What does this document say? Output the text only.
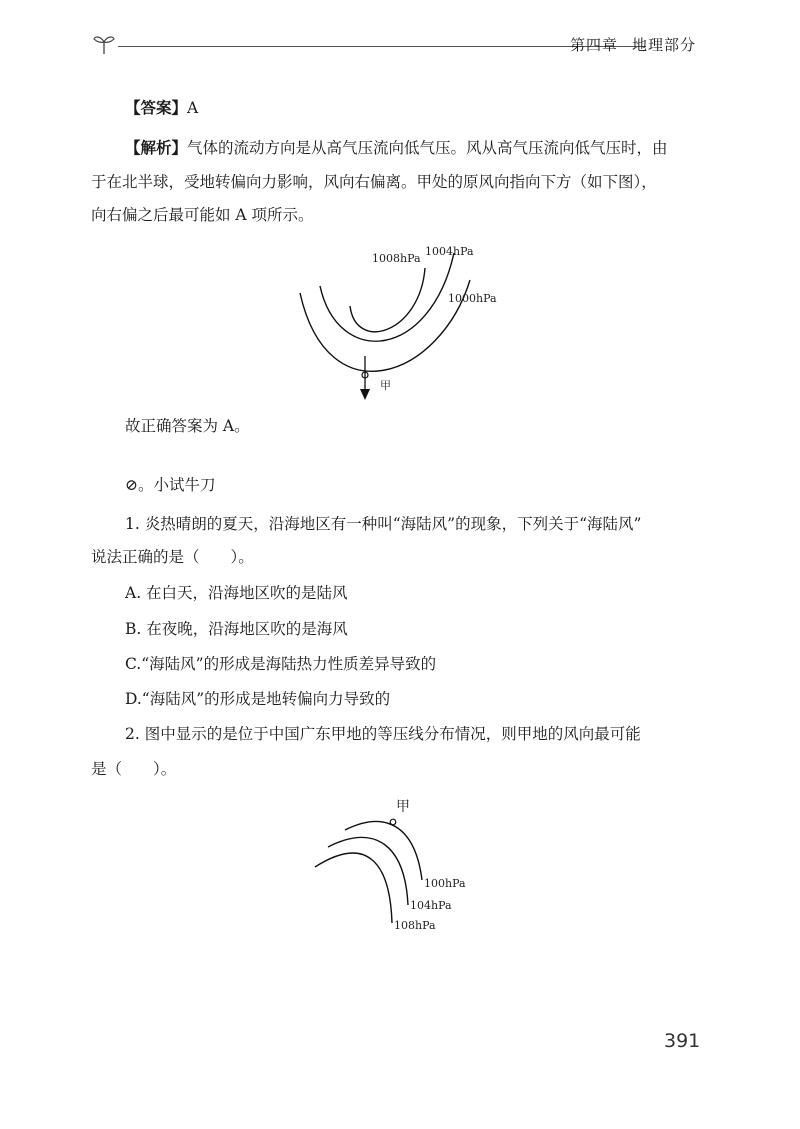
第四章 地理部分
【答案】A
【解析】气体的流动方向是从高气压流向低气压。风从高气压流向低气压时，由
于在北半球，受地转偏向力影响，风向右偏离。甲处的原风向指向下方（如下图），
向右偏之后最可能如 A 项所示。
1008hPa
1004hPa
1000hPa
甲
故正确答案为 A。
⊘。小试牛刀
1. 炎热晴朗的夏天，沿海地区有一种叫“海陆风”的现象，下列关于“海陆风”
说法正确的是（　　）。
A. 在白天，沿海地区吹的是陆风
B. 在夜晚，沿海地区吹的是海风
C.“海陆风”的形成是海陆热力性质差异导致的
D.“海陆风”的形成是地转偏向力导致的
2. 图中显示的是位于中国广东甲地的等压线分布情况，则甲地的风向最可能
是（　　）。
甲
100hPa
104hPa
108hPa
391
